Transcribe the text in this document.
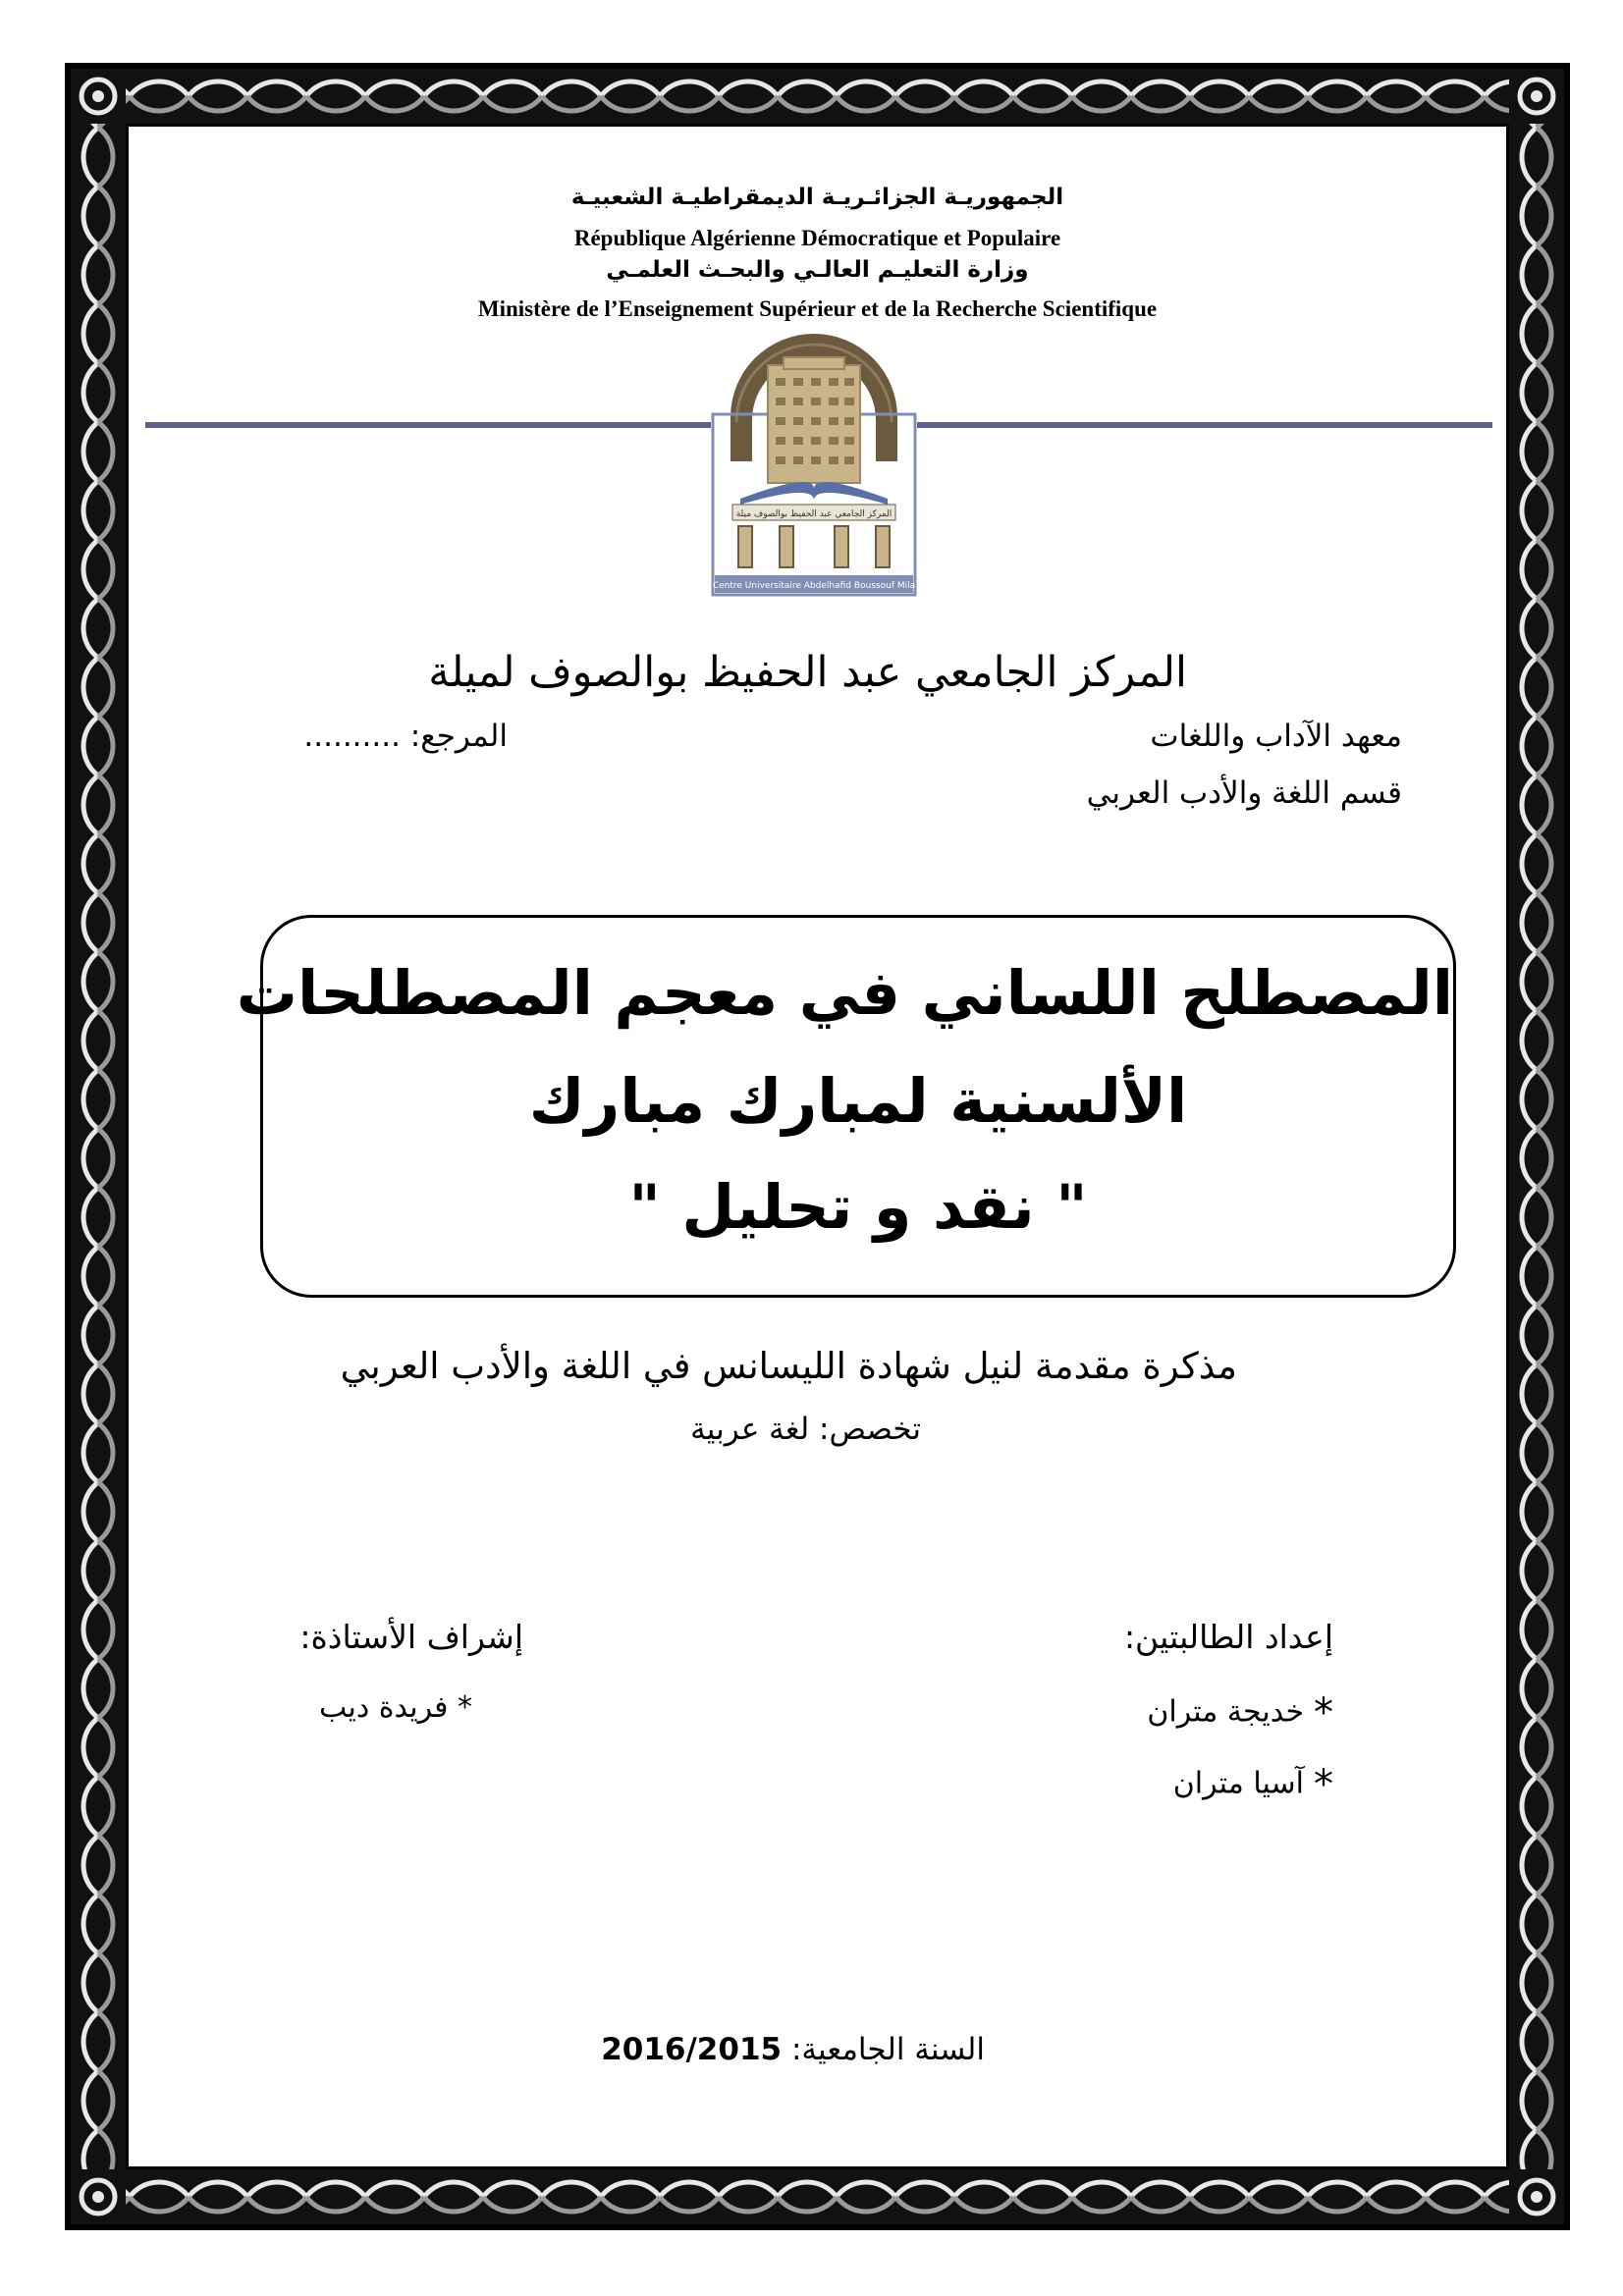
الجمهوريـة الجزائـريـة الديمقراطيـة الشعبيـة
République Algérienne Démocratique et Populaire
وزارة التعليـم العالـي والبحـث العلمـي
Ministère de l’Enseignement Supérieur et de la Recherche Scientifique
المركز الجامعي عبد الحفيظ بوالصوف ميلة
Centre Universitaire Abdelhafid Boussouf Mila
المركز الجامعي عبد الحفيظ بوالصوف لميلة
معهد الآداب واللغات
المرجع: ..........
قسم اللغة والأدب العربي
المصطلح اللساني في معجم المصطلحات
الألسنية لمبارك مبارك
" نقد و تحليل "
مذكرة مقدمة لنيل شهادة الليسانس في اللغة والأدب العربي
تخصص: لغة عربية
إعداد الطالبتين:
*خديجة متران
*آسيا متران
إشراف الأستاذة:
* فريدة ديب
السنة الجامعية: 2016/2015
